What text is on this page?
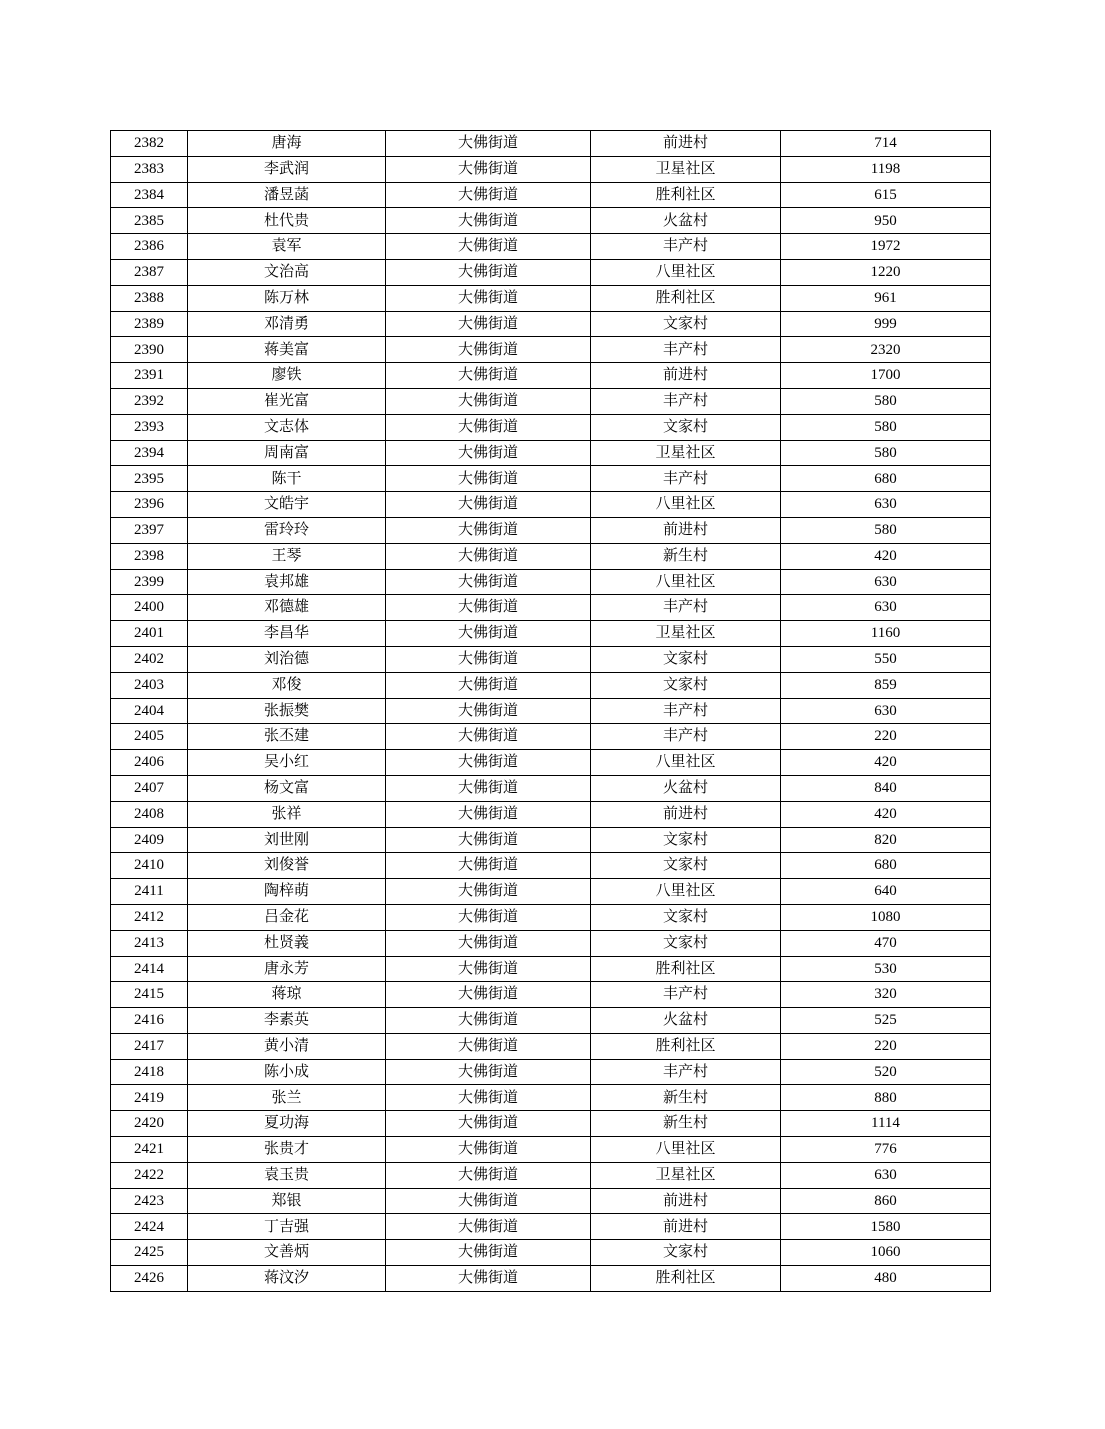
2382	唐海	大佛街道	前进村	714
2383	李武润	大佛街道	卫星社区	1198
2384	潘昱菡	大佛街道	胜利社区	615
2385	杜代贵	大佛街道	火盆村	950
2386	袁军	大佛街道	丰产村	1972
2387	文治高	大佛街道	八里社区	1220
2388	陈万林	大佛街道	胜利社区	961
2389	邓清勇	大佛街道	文家村	999
2390	蒋美富	大佛街道	丰产村	2320
2391	廖铁	大佛街道	前进村	1700
2392	崔光富	大佛街道	丰产村	580
2393	文志体	大佛街道	文家村	580
2394	周南富	大佛街道	卫星社区	580
2395	陈干	大佛街道	丰产村	680
2396	文皓宇	大佛街道	八里社区	630
2397	雷玲玲	大佛街道	前进村	580
2398	王琴	大佛街道	新生村	420
2399	袁邦雄	大佛街道	八里社区	630
2400	邓德雄	大佛街道	丰产村	630
2401	李昌华	大佛街道	卫星社区	1160
2402	刘治德	大佛街道	文家村	550
2403	邓俊	大佛街道	文家村	859
2404	张振樊	大佛街道	丰产村	630
2405	张丕建	大佛街道	丰产村	220
2406	吴小红	大佛街道	八里社区	420
2407	杨文富	大佛街道	火盆村	840
2408	张祥	大佛街道	前进村	420
2409	刘世刚	大佛街道	文家村	820
2410	刘俊誉	大佛街道	文家村	680
2411	陶梓萌	大佛街道	八里社区	640
2412	吕金花	大佛街道	文家村	1080
2413	杜贤義	大佛街道	文家村	470
2414	唐永芳	大佛街道	胜利社区	530
2415	蒋琼	大佛街道	丰产村	320
2416	李素英	大佛街道	火盆村	525
2417	黄小清	大佛街道	胜利社区	220
2418	陈小成	大佛街道	丰产村	520
2419	张兰	大佛街道	新生村	880
2420	夏功海	大佛街道	新生村	1114
2421	张贵才	大佛街道	八里社区	776
2422	袁玉贵	大佛街道	卫星社区	630
2423	郑银	大佛街道	前进村	860
2424	丁吉强	大佛街道	前进村	1580
2425	文善炳	大佛街道	文家村	1060
2426	蒋汶汐	大佛街道	胜利社区	480
